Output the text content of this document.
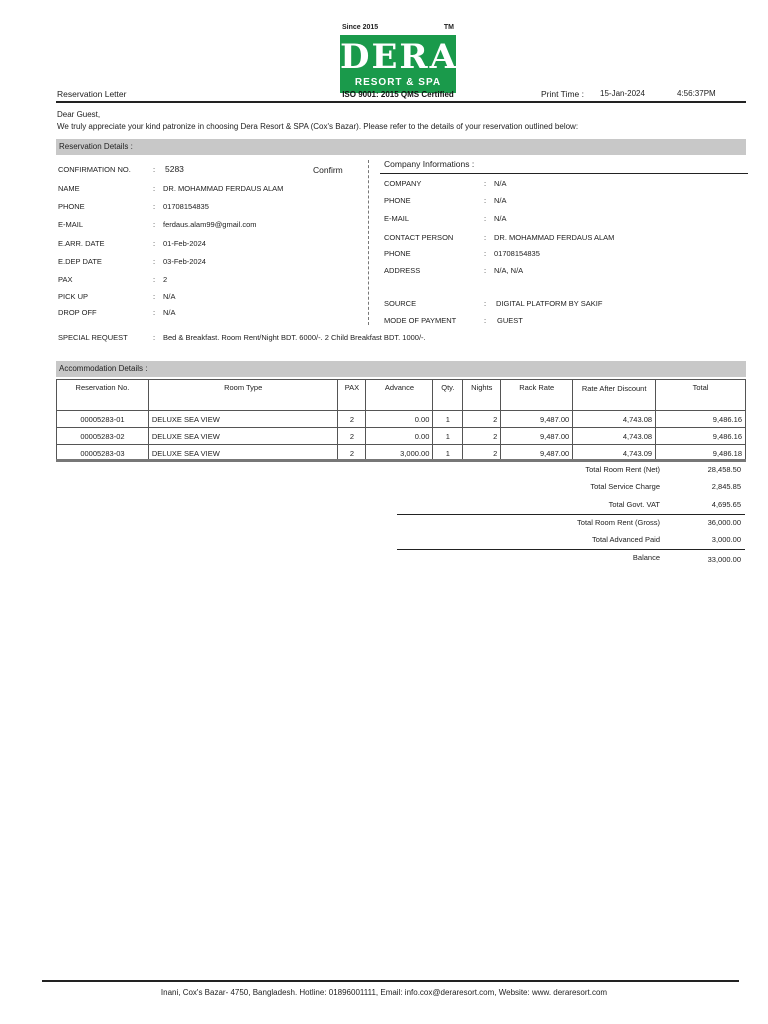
Since 2015	TM
DERA
RESORT & SPA
ISO 9001: 2015 QMS Certified
Reservation Letter	Print Time : 15-Jan-2024	4:56:37PM
Dear Guest,
We truly appreciate your kind patronize in choosing Dera Resort & SPA (Cox's Bazar). Please refer to the details of your reservation outlined below:
Reservation Details :
CONFIRMATION NO.	: 5283	Confirm
NAME	: DR. MOHAMMAD FERDAUS ALAM
PHONE	: 01708154835
E-MAIL	: ferdaus.alam99@gmail.com
E.ARR. DATE	: 01-Feb-2024
E.DEP DATE	: 03-Feb-2024
PAX	: 2
PICK UP	: N/A
DROP OFF	: N/A
SPECIAL REQUEST	: Bed & Breakfast. Room Rent/Night BDT. 6000/-. 2 Child Breakfast BDT. 1000/-.
Company Informations :
COMPANY	: N/A
PHONE	: N/A
E-MAIL	: N/A
CONTACT PERSON	: DR. MOHAMMAD FERDAUS ALAM
PHONE	: 01708154835
ADDRESS	: N/A, N/A
SOURCE	: DIGITAL PLATFORM BY SAKIF
MODE OF PAYMENT	: GUEST
Accommodation Details :
Reservation No.	Room Type	PAX	Advance	Qty.	Nights	Rack Rate	Rate After Discount	Total
00005283-01	DELUXE SEA VIEW	2	0.00	1	2	9,487.00	4,743.08	9,486.16
00005283-02	DELUXE SEA VIEW	2	0.00	1	2	9,487.00	4,743.08	9,486.16
00005283-03	DELUXE SEA VIEW	2	3,000.00	1	2	9,487.00	4,743.09	9,486.18
Total Room Rent (Net)	28,458.50
Total Service Charge	2,845.85
Total Govt. VAT	4,695.65
Total Room Rent (Gross)	36,000.00
Total Advanced Paid	3,000.00
Balance	33,000.00
Inani, Cox's Bazar- 4750, Bangladesh. Hotline: 01896001111, Email: info.cox@deraresort.com, Website: www. deraresort.com
